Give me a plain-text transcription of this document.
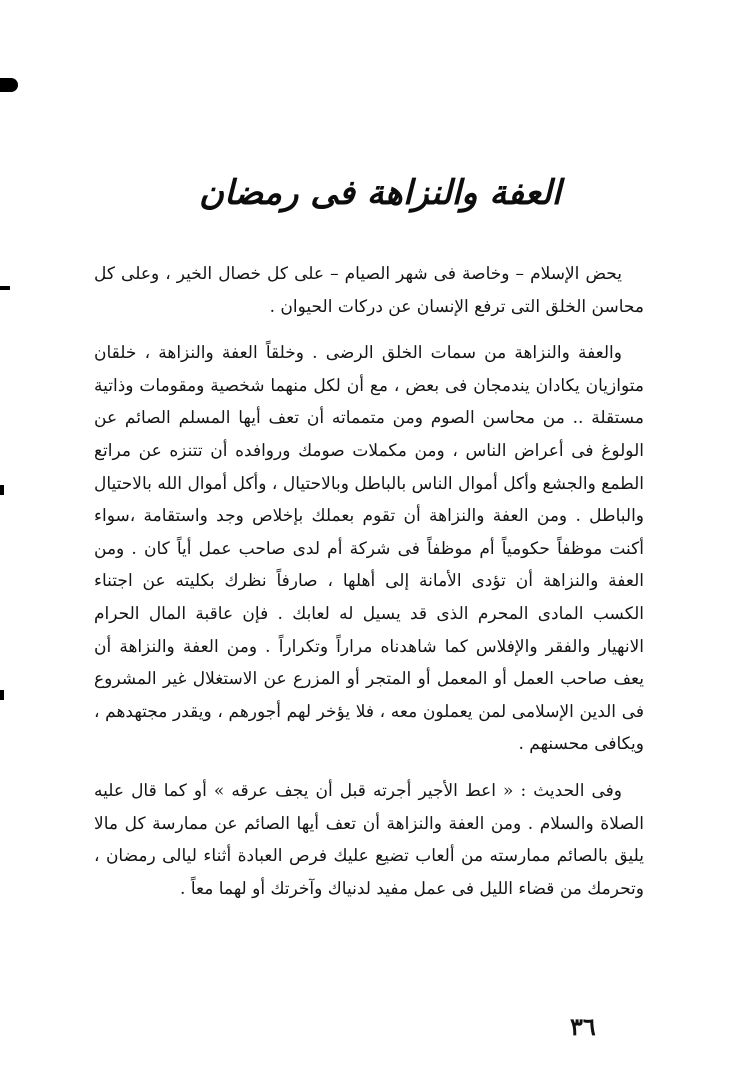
العفة والنزاهة فى رمضان

يحض الإسلام – وخاصة فى شهر الصيام – على كل خصال الخير ، وعلى كل محاسن الخلق التى ترفع الإنسان عن دركات الحيوان .

والعفة والنزاهة من سمات الخلق الرضى . وخلقاً العفة والنزاهة ، خلقان متوازيان يكادان يندمجان فى بعض ، مع أن لكل منهما شخصية ومقومات وذاتية مستقلة .. من محاسن الصوم ومن متمماته أن تعف أيها المسلم الصائم عن الولوغ فى أعراض الناس ، ومن مكملات صومك وروافده أن تتنزه عن مراتع الطمع والجشع وأكل أموال الناس بالباطل وبالاحتيال ، وأكل أموال الله بالاحتيال والباطل . ومن العفة والنزاهة أن تقوم بعملك بإخلاص وجد واستقامة ،سواء أكنت موظفاً حكومياً أم موظفاً فى شركة أم لدى صاحب عمل أياً كان . ومن العفة والنزاهة أن تؤدى الأمانة إلى أهلها ، صارفاً نظرك بكليته عن اجتناء الكسب المادى المحرم الذى قد يسيل له لعابك . فإن عاقبة المال الحرام الانهيار والفقر والإفلاس كما شاهدناه مراراً وتكراراً . ومن العفة والنزاهة أن يعف صاحب العمل أو المعمل أو المتجر أو المزرع عن الاستغلال غير المشروع فى الدين الإسلامى لمن يعملون معه ، فلا يؤخر لهم أجورهم ، ويقدر مجتهدهم ، ويكافى محسنهم .

وفى الحديث : « اعط الأجير أجرته قبل أن يجف عرقه » أو كما قال عليه الصلاة والسلام . ومن العفة والنزاهة أن تعف أيها الصائم عن ممارسة كل مالا يليق بالصائم ممارسته من ألعاب تضيع عليك فرص العبادة أثناء ليالى رمضان ، وتحرمك من قضاء الليل فى عمل مفيد لدنياك وآخرتك أو لهما معاً .

٣٦
